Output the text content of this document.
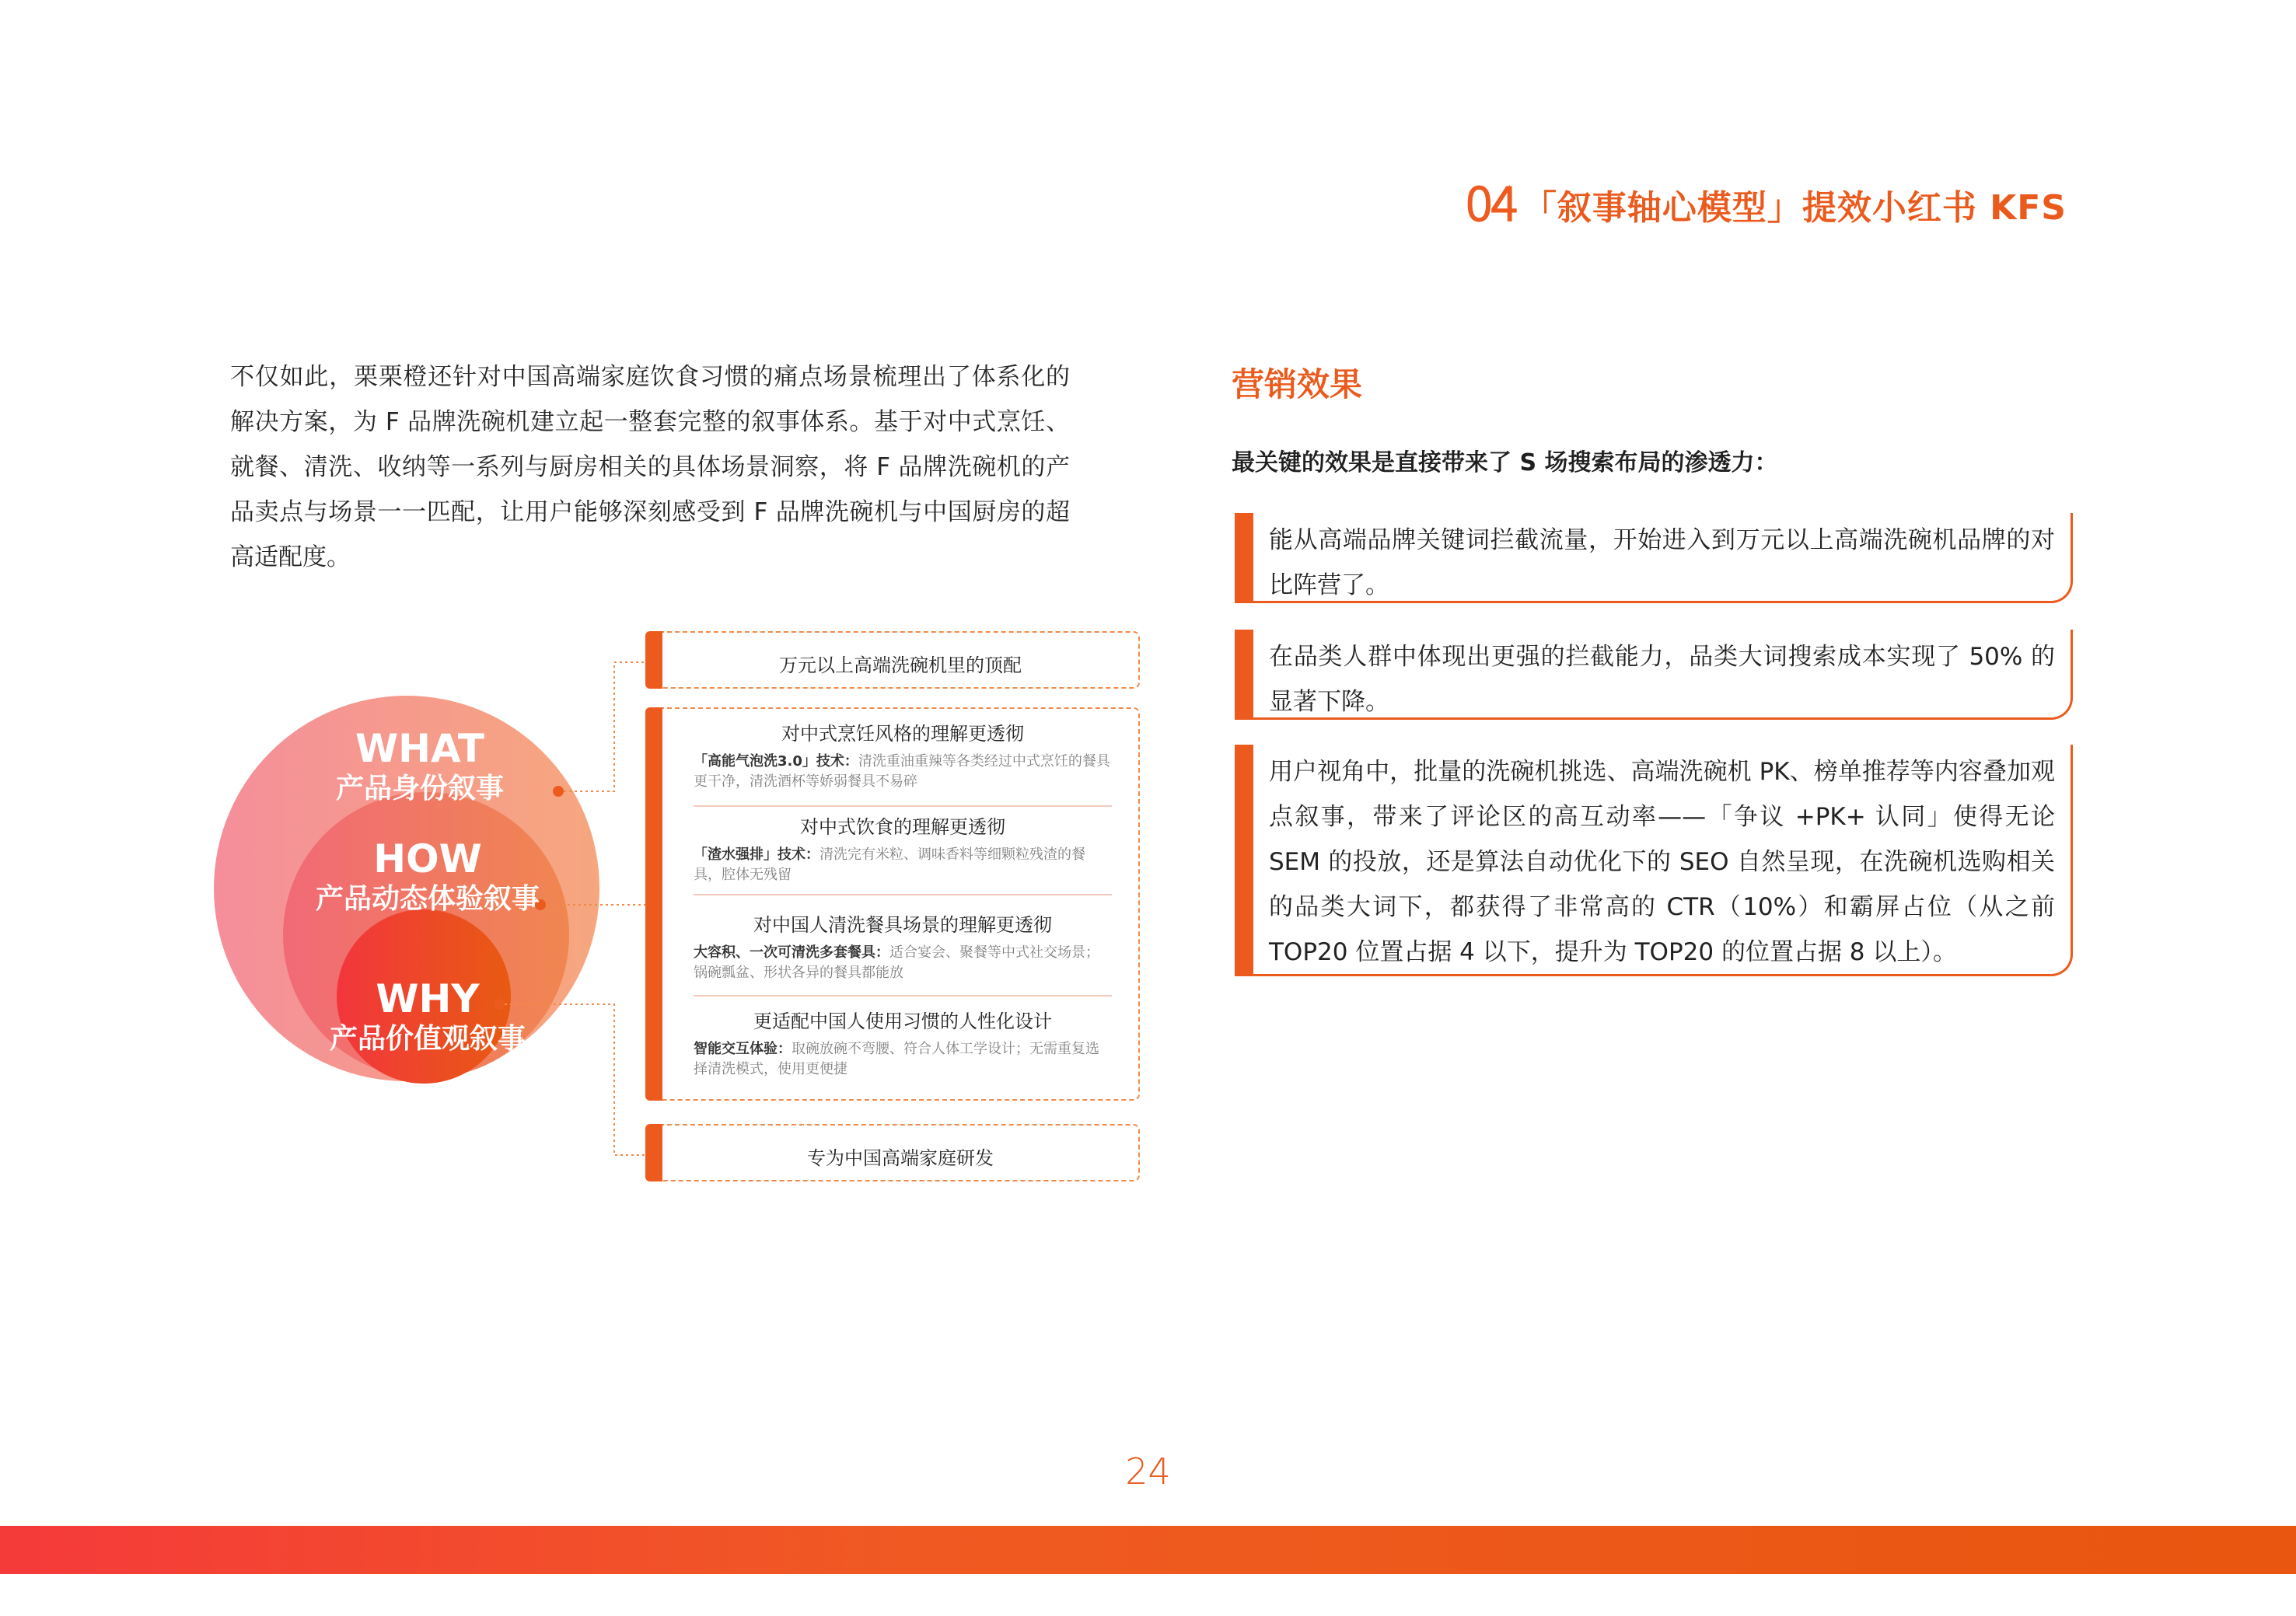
04 「叙事轴心模型」提效小红书 KFS
不仅如此，栗栗橙还针对中国高端家庭饮食习惯的痛点场景梳理出了体系化的解决方案，为 F 品牌洗碗机建立起一整套完整的叙事体系。基于对中式烹饪、就餐、清洗、收纳等一系列与厨房相关的具体场景洞察，将 F 品牌洗碗机的产品卖点与场景一一匹配，让用户能够深刻感受到 F 品牌洗碗机与中国厨房的超高适配度。
WHAT
产品身份叙事
HOW
产品动态体验叙事
WHY
产品价值观叙事
万元以上高端洗碗机里的顶配
对中式烹饪风格的理解更透彻
「高能气泡洗3.0」技术：清洗重油重辣等各类经过中式烹饪的餐具更干净，清洗酒杯等娇弱餐具不易碎
对中式饮食的理解更透彻
「渣水强排」技术：清洗完有米粒、调味香料等细颗粒残渣的餐具，腔体无残留
对中国人清洗餐具场景的理解更透彻
大容积、一次可清洗多套餐具：适合宴会、聚餐等中式社交场景；锅碗瓢盆、形状各异的餐具都能放
更适配中国人使用习惯的人性化设计
智能交互体验：取碗放碗不弯腰、符合人体工学设计；无需重复选择清洗模式，使用更便捷
专为中国高端家庭研发
营销效果
最关键的效果是直接带来了 S 场搜索布局的渗透力：
能从高端品牌关键词拦截流量，开始进入到万元以上高端洗碗机品牌的对比阵营了。
在品类人群中体现出更强的拦截能力，品类大词搜索成本实现了 50% 的显著下降。
用户视角中，批量的洗碗机挑选、高端洗碗机 PK、榜单推荐等内容叠加观点叙事，带来了评论区的高互动率——「争议 +PK+ 认同」使得无论 SEM 的投放，还是算法自动优化下的 SEO 自然呈现，在洗碗机选购相关的品类大词下，都获得了非常高的 CTR（10%）和霸屏占位（从之前 TOP20 位置占据 4 以下，提升为 TOP20 的位置占据 8 以上）。
24
